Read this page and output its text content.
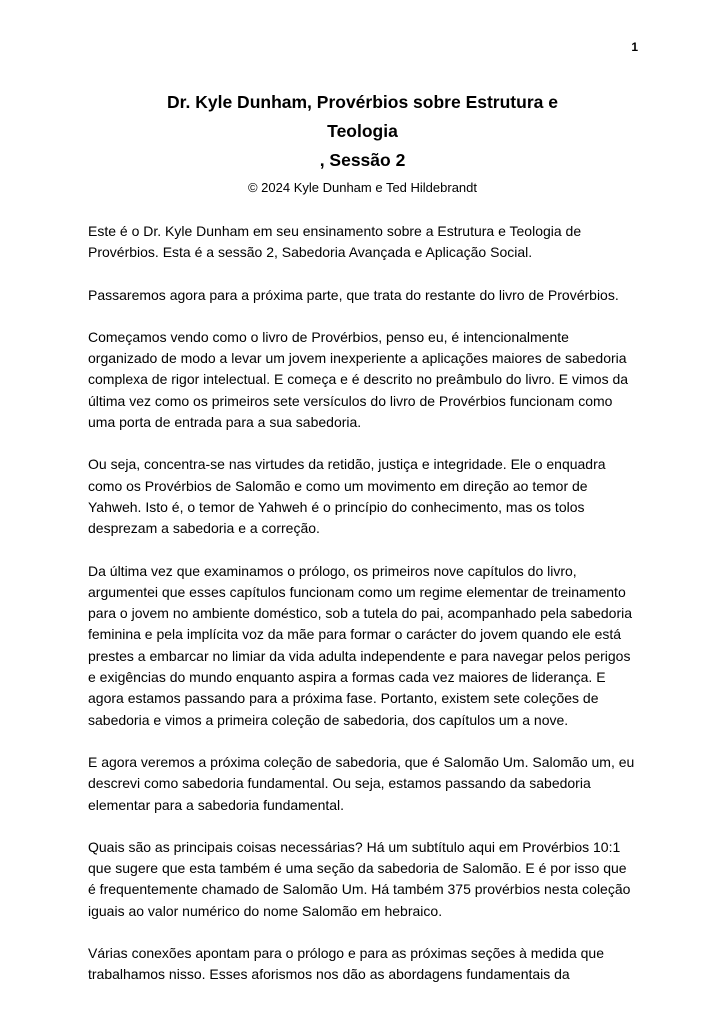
1
Dr. Kyle Dunham, Provérbios sobre Estrutura e
Teologia
, Sessão 2
© 2024 Kyle Dunham e Ted Hildebrandt

Este é o Dr. Kyle Dunham em seu ensinamento sobre a Estrutura e Teologia de Provérbios. Esta é a sessão 2, Sabedoria Avançada e Aplicação Social.

Passaremos agora para a próxima parte, que trata do restante do livro de Provérbios.

Começamos vendo como o livro de Provérbios, penso eu, é intencionalmente organizado de modo a levar um jovem inexperiente a aplicações maiores de sabedoria complexa de rigor intelectual. E começa e é descrito no preâmbulo do livro. E vimos da última vez como os primeiros sete versículos do livro de Provérbios funcionam como uma porta de entrada para a sua sabedoria.

Ou seja, concentra-se nas virtudes da retidão, justiça e integridade. Ele o enquadra como os Provérbios de Salomão e como um movimento em direção ao temor de Yahweh. Isto é, o temor de Yahweh é o princípio do conhecimento, mas os tolos desprezam a sabedoria e a correção.

Da última vez que examinamos o prólogo, os primeiros nove capítulos do livro, argumentei que esses capítulos funcionam como um regime elementar de treinamento para o jovem no ambiente doméstico, sob a tutela do pai, acompanhado pela sabedoria feminina e pela implícita voz da mãe para formar o carácter do jovem quando ele está prestes a embarcar no limiar da vida adulta independente e para navegar pelos perigos e exigências do mundo enquanto aspira a formas cada vez maiores de liderança. E agora estamos passando para a próxima fase. Portanto, existem sete coleções de sabedoria e vimos a primeira coleção de sabedoria, dos capítulos um a nove.

E agora veremos a próxima coleção de sabedoria, que é Salomão Um. Salomão um, eu descrevi como sabedoria fundamental. Ou seja, estamos passando da sabedoria elementar para a sabedoria fundamental.

Quais são as principais coisas necessárias? Há um subtítulo aqui em Provérbios 10:1 que sugere que esta também é uma seção da sabedoria de Salomão. E é por isso que é frequentemente chamado de Salomão Um. Há também 375 provérbios nesta coleção iguais ao valor numérico do nome Salomão em hebraico.

Várias conexões apontam para o prólogo e para as próximas seções à medida que trabalhamos nisso. Esses aforismos nos dão as abordagens fundamentais da
